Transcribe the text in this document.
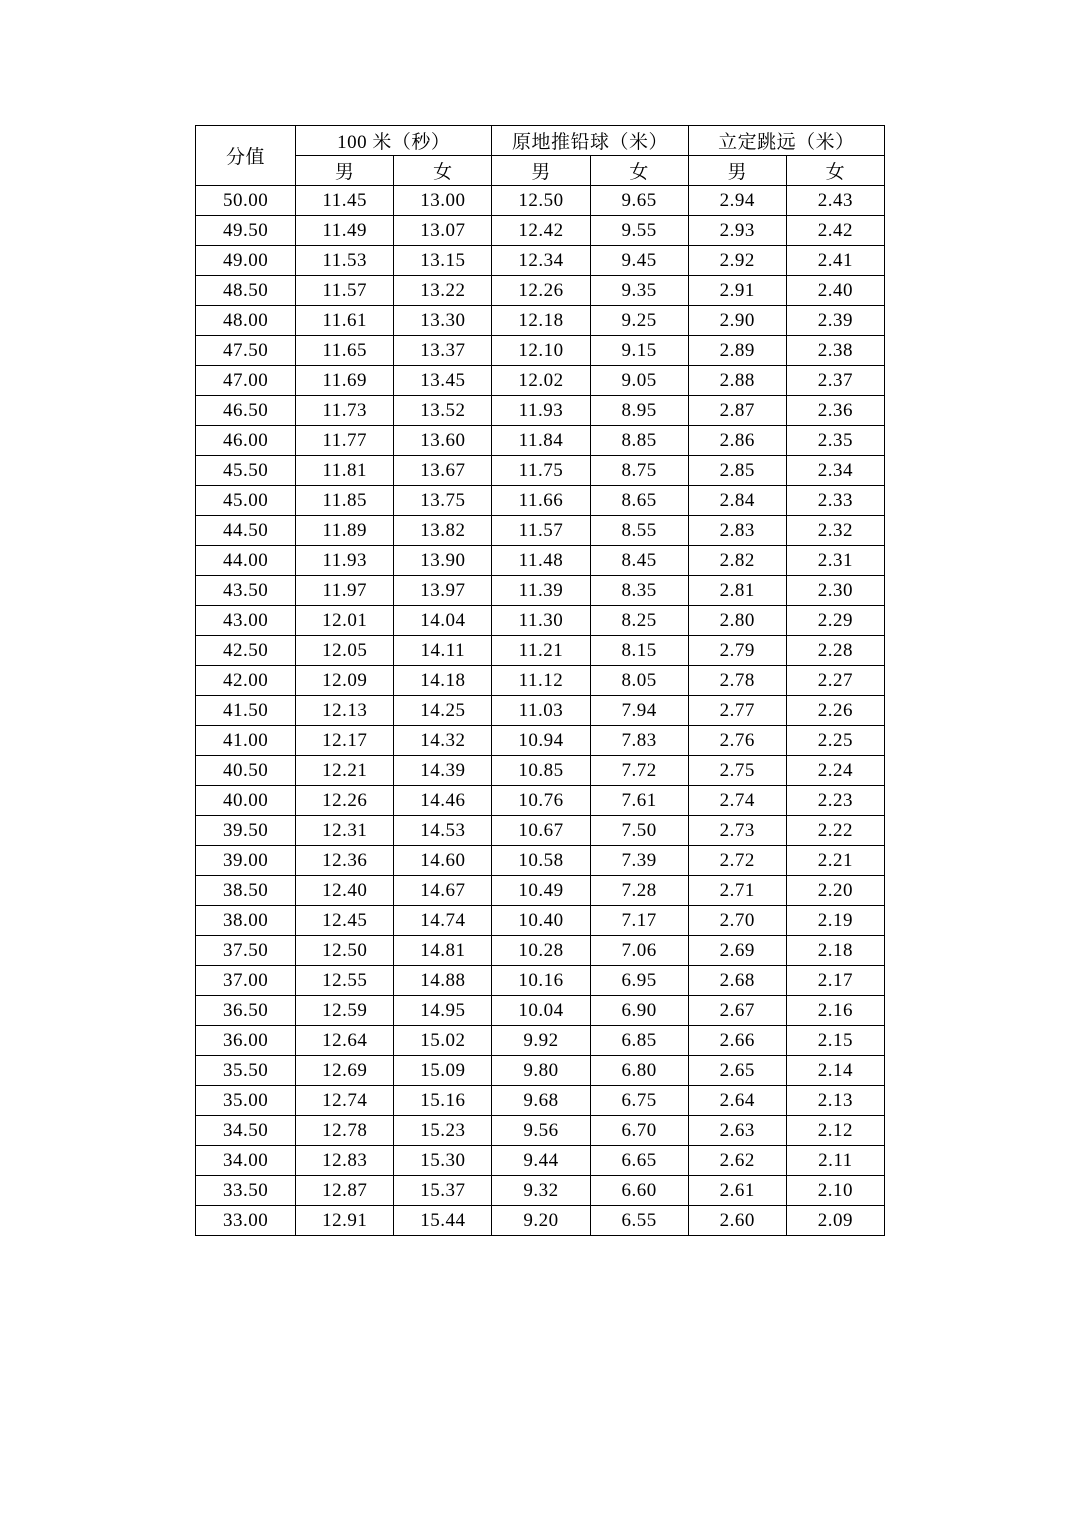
分值	100 米（秒）		原地推铅球（米）		立定跳远（米）	
	男	女	男	女	男	女
50.00	11.45	13.00	12.50	9.65	2.94	2.43
49.50	11.49	13.07	12.42	9.55	2.93	2.42
49.00	11.53	13.15	12.34	9.45	2.92	2.41
48.50	11.57	13.22	12.26	9.35	2.91	2.40
48.00	11.61	13.30	12.18	9.25	2.90	2.39
47.50	11.65	13.37	12.10	9.15	2.89	2.38
47.00	11.69	13.45	12.02	9.05	2.88	2.37
46.50	11.73	13.52	11.93	8.95	2.87	2.36
46.00	11.77	13.60	11.84	8.85	2.86	2.35
45.50	11.81	13.67	11.75	8.75	2.85	2.34
45.00	11.85	13.75	11.66	8.65	2.84	2.33
44.50	11.89	13.82	11.57	8.55	2.83	2.32
44.00	11.93	13.90	11.48	8.45	2.82	2.31
43.50	11.97	13.97	11.39	8.35	2.81	2.30
43.00	12.01	14.04	11.30	8.25	2.80	2.29
42.50	12.05	14.11	11.21	8.15	2.79	2.28
42.00	12.09	14.18	11.12	8.05	2.78	2.27
41.50	12.13	14.25	11.03	7.94	2.77	2.26
41.00	12.17	14.32	10.94	7.83	2.76	2.25
40.50	12.21	14.39	10.85	7.72	2.75	2.24
40.00	12.26	14.46	10.76	7.61	2.74	2.23
39.50	12.31	14.53	10.67	7.50	2.73	2.22
39.00	12.36	14.60	10.58	7.39	2.72	2.21
38.50	12.40	14.67	10.49	7.28	2.71	2.20
38.00	12.45	14.74	10.40	7.17	2.70	2.19
37.50	12.50	14.81	10.28	7.06	2.69	2.18
37.00	12.55	14.88	10.16	6.95	2.68	2.17
36.50	12.59	14.95	10.04	6.90	2.67	2.16
36.00	12.64	15.02	9.92	6.85	2.66	2.15
35.50	12.69	15.09	9.80	6.80	2.65	2.14
35.00	12.74	15.16	9.68	6.75	2.64	2.13
34.50	12.78	15.23	9.56	6.70	2.63	2.12
34.00	12.83	15.30	9.44	6.65	2.62	2.11
33.50	12.87	15.37	9.32	6.60	2.61	2.10
33.00	12.91	15.44	9.20	6.55	2.60	2.09
